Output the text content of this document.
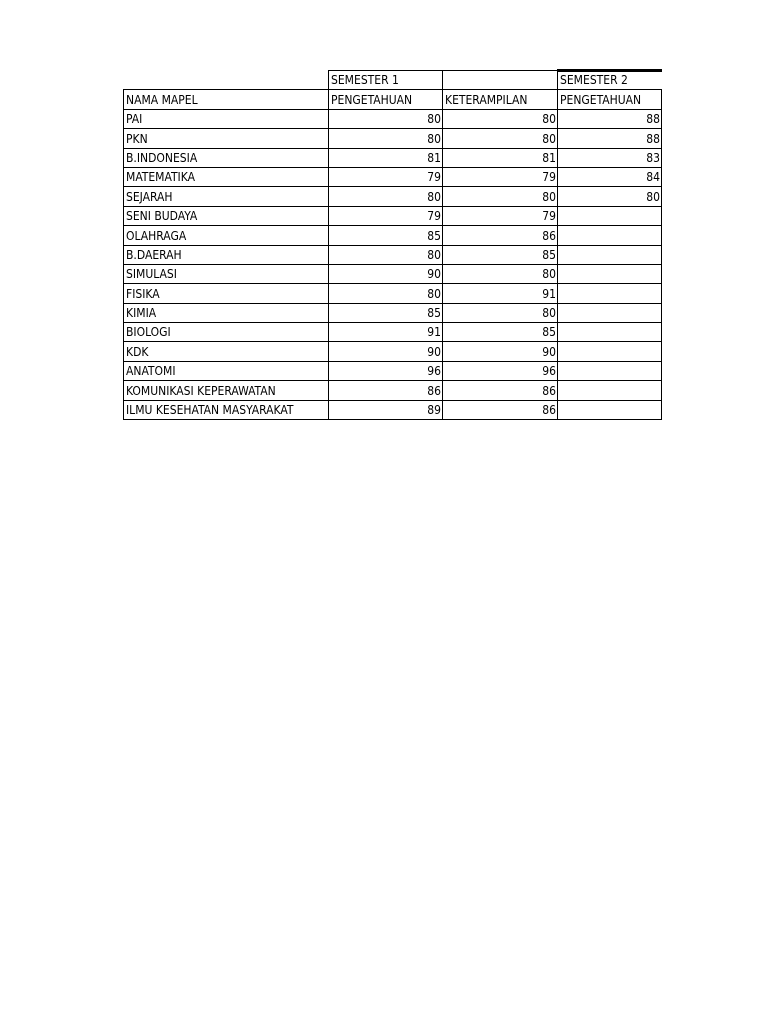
	SEMESTER 1		SEMESTER 2
NAMA MAPEL	PENGETAHUAN	KETERAMPILAN	PENGETAHUAN
PAI	80	80	88
PKN	80	80	88
B.INDONESIA	81	81	83
MATEMATIKA	79	79	84
SEJARAH	80	80	80
SENI BUDAYA	79	79	
OLAHRAGA	85	86	
B.DAERAH	80	85	
SIMULASI	90	80	
FISIKA	80	91	
KIMIA	85	80	
BIOLOGI	91	85	
KDK	90	90	
ANATOMI	96	96	
KOMUNIKASI KEPERAWATAN	86	86	
ILMU KESEHATAN MASYARAKAT	89	86	
